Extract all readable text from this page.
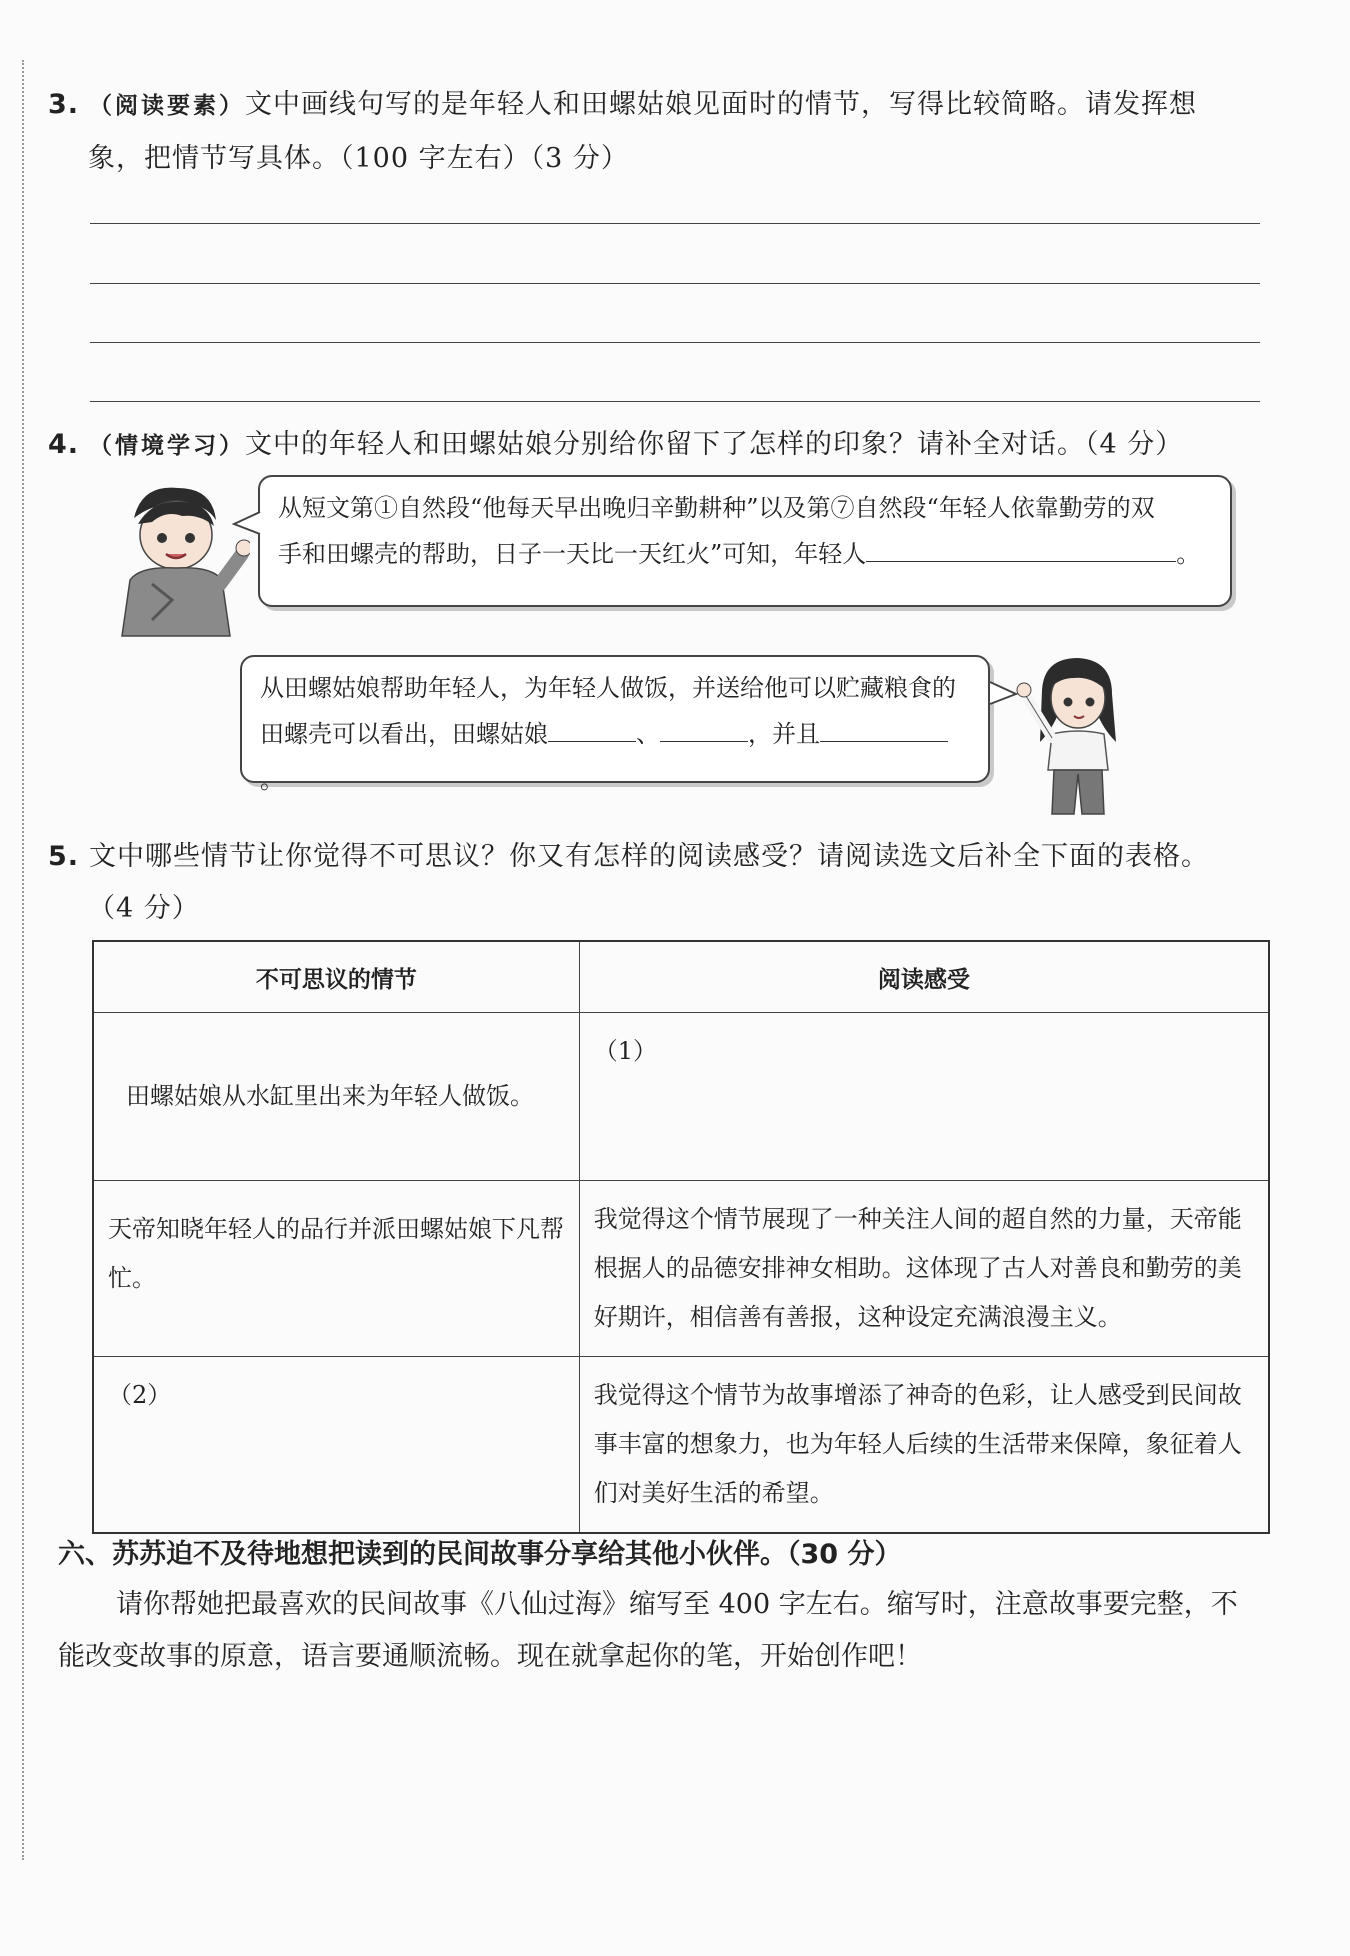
3. （阅读要素）文中画线句写的是年轻人和田螺姑娘见面时的情节，写得比较简略。请发挥想
象，把情节写具体。（100 字左右）（3 分）
4. （情境学习）文中的年轻人和田螺姑娘分别给你留下了怎样的印象？请补全对话。（4 分）
从短文第①自然段“他每天早出晚归辛勤耕种”以及第⑦自然段“年轻人依靠勤劳的双
手和田螺壳的帮助，日子一天比一天红火”可知，年轻人	。
从田螺姑娘帮助年轻人，为年轻人做饭，并送给他可以贮藏粮食的
田螺壳可以看出，田螺姑娘	、	，并且。
5. 文中哪些情节让你觉得不可思议？你又有怎样的阅读感受？请阅读选文后补全下面的表格。
（4 分）
不可思议的情节	阅读感受
田螺姑娘从水缸里出来为年轻人做饭。	（1）
天帝知晓年轻人的品行并派田螺姑娘下凡帮忙。	我觉得这个情节展现了一种关注人间的超自然的力量，天帝能根据人的品德安排神女相助。这体现了古人对善良和勤劳的美好期许，相信善有善报，这种设定充满浪漫主义。
（2）	我觉得这个情节为故事增添了神奇的色彩，让人感受到民间故事丰富的想象力，也为年轻人后续的生活带来保障，象征着人们对美好生活的希望。
六、苏苏迫不及待地想把读到的民间故事分享给其他小伙伴。（30 分）
请你帮她把最喜欢的民间故事《八仙过海》缩写至 400 字左右。缩写时，注意故事要完整，不
能改变故事的原意，语言要通顺流畅。现在就拿起你的笔，开始创作吧！
